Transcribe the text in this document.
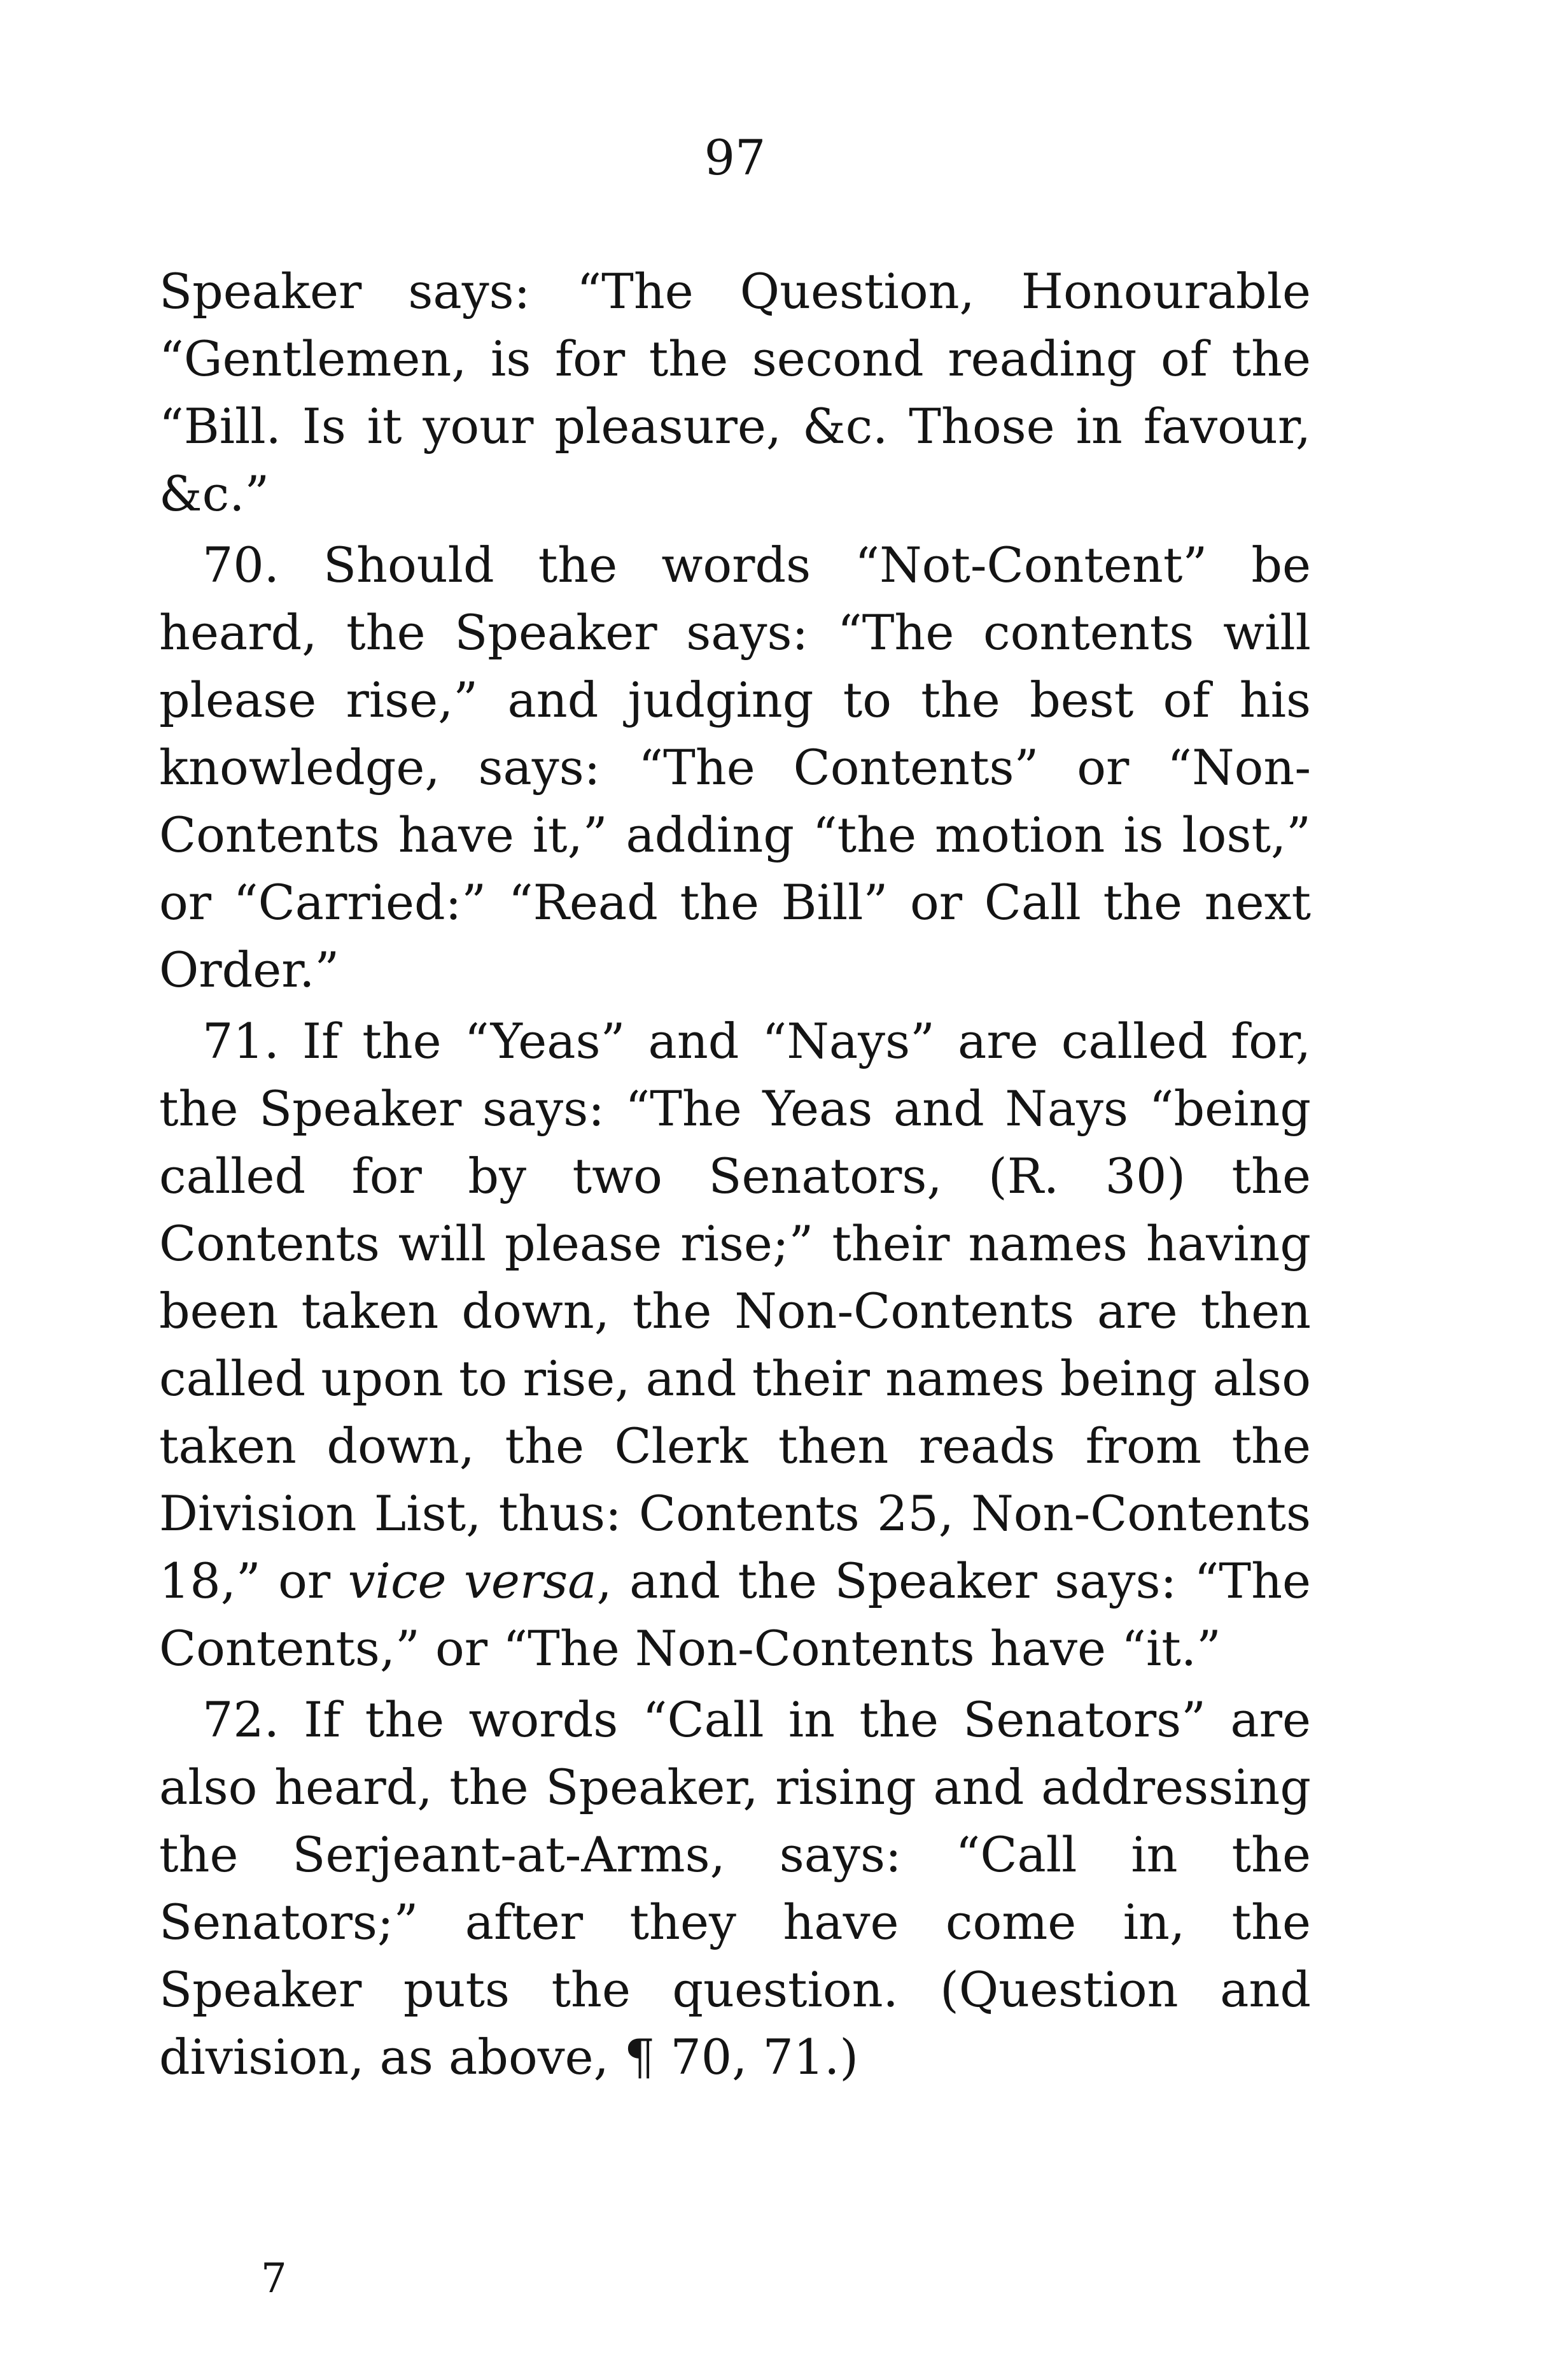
97

Speaker says: “The Question, Honourable “Gentlemen, is for the second reading of the “Bill. Is it your pleasure, &c. Those in favour, &c.”

70. Should the words “Not-Content” be heard, the Speaker says: “The contents will please rise,” and judging to the best of his knowledge, says: “The Contents” or “Non-Contents have it,” adding “the motion is lost,” or “Carried:” “Read the Bill” or Call the next Order.”

71. If the “Yeas” and “Nays” are called for, the Speaker says: “The Yeas and Nays “being called for by two Senators, (R. 30) the Contents will please rise;” their names having been taken down, the Non-Contents are then called upon to rise, and their names being also taken down, the Clerk then reads from the Division List, thus: Contents 25, Non-Contents 18,” or vice versa, and the Speaker says: “The Contents,” or “The Non-Contents have “it.”

72. If the words “Call in the Senators” are also heard, the Speaker, rising and addressing the Serjeant-at-Arms, says: “Call in the Senators;” after they have come in, the Speaker puts the question. (Question and division, as above, ¶ 70, 71.)

7
